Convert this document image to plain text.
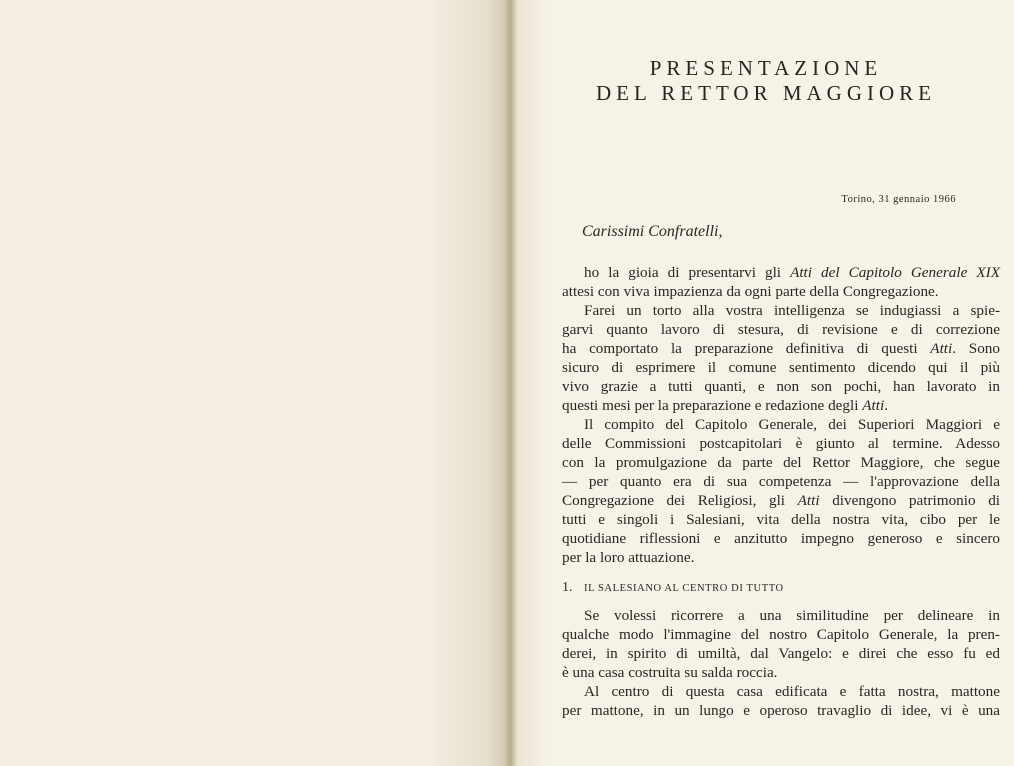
PRESENTAZIONE
DEL RETTOR MAGGIORE
Torino, 31 gennaio 1966
Carissimi Confratelli,
ho la gioia di presentarvi gli Atti del Capitolo Generale XIX
attesi con viva impazienza da ogni parte della Congregazione.
Farei un torto alla vostra intelligenza se indugiassi a spie-
garvi quanto lavoro di stesura, di revisione e di correzione
ha comportato la preparazione definitiva di questi Atti. Sono
sicuro di esprimere il comune sentimento dicendo qui il più
vivo grazie a tutti quanti, e non son pochi, han lavorato in
questi mesi per la preparazione e redazione degli Atti.
Il compito del Capitolo Generale, dei Superiori Maggiori e
delle Commissioni postcapitolari è giunto al termine. Adesso
con la promulgazione da parte del Rettor Maggiore, che segue
— per quanto era di sua competenza — l'approvazione della
Congregazione dei Religiosi, gli Atti divengono patrimonio di
tutti e singoli i Salesiani, vita della nostra vita, cibo per le
quotidiane riflessioni e anzitutto impegno generoso e sincero
per la loro attuazione.
1. IL SALESIANO AL CENTRO DI TUTTO
Se volessi ricorrere a una similitudine per delineare in
qualche modo l'immagine del nostro Capitolo Generale, la pren-
derei, in spirito di umiltà, dal Vangelo: e direi che esso fu ed
è una casa costruita su salda roccia.
Al centro di questa casa edificata e fatta nostra, mattone
per mattone, in un lungo e operoso travaglio di idee, vi è una
